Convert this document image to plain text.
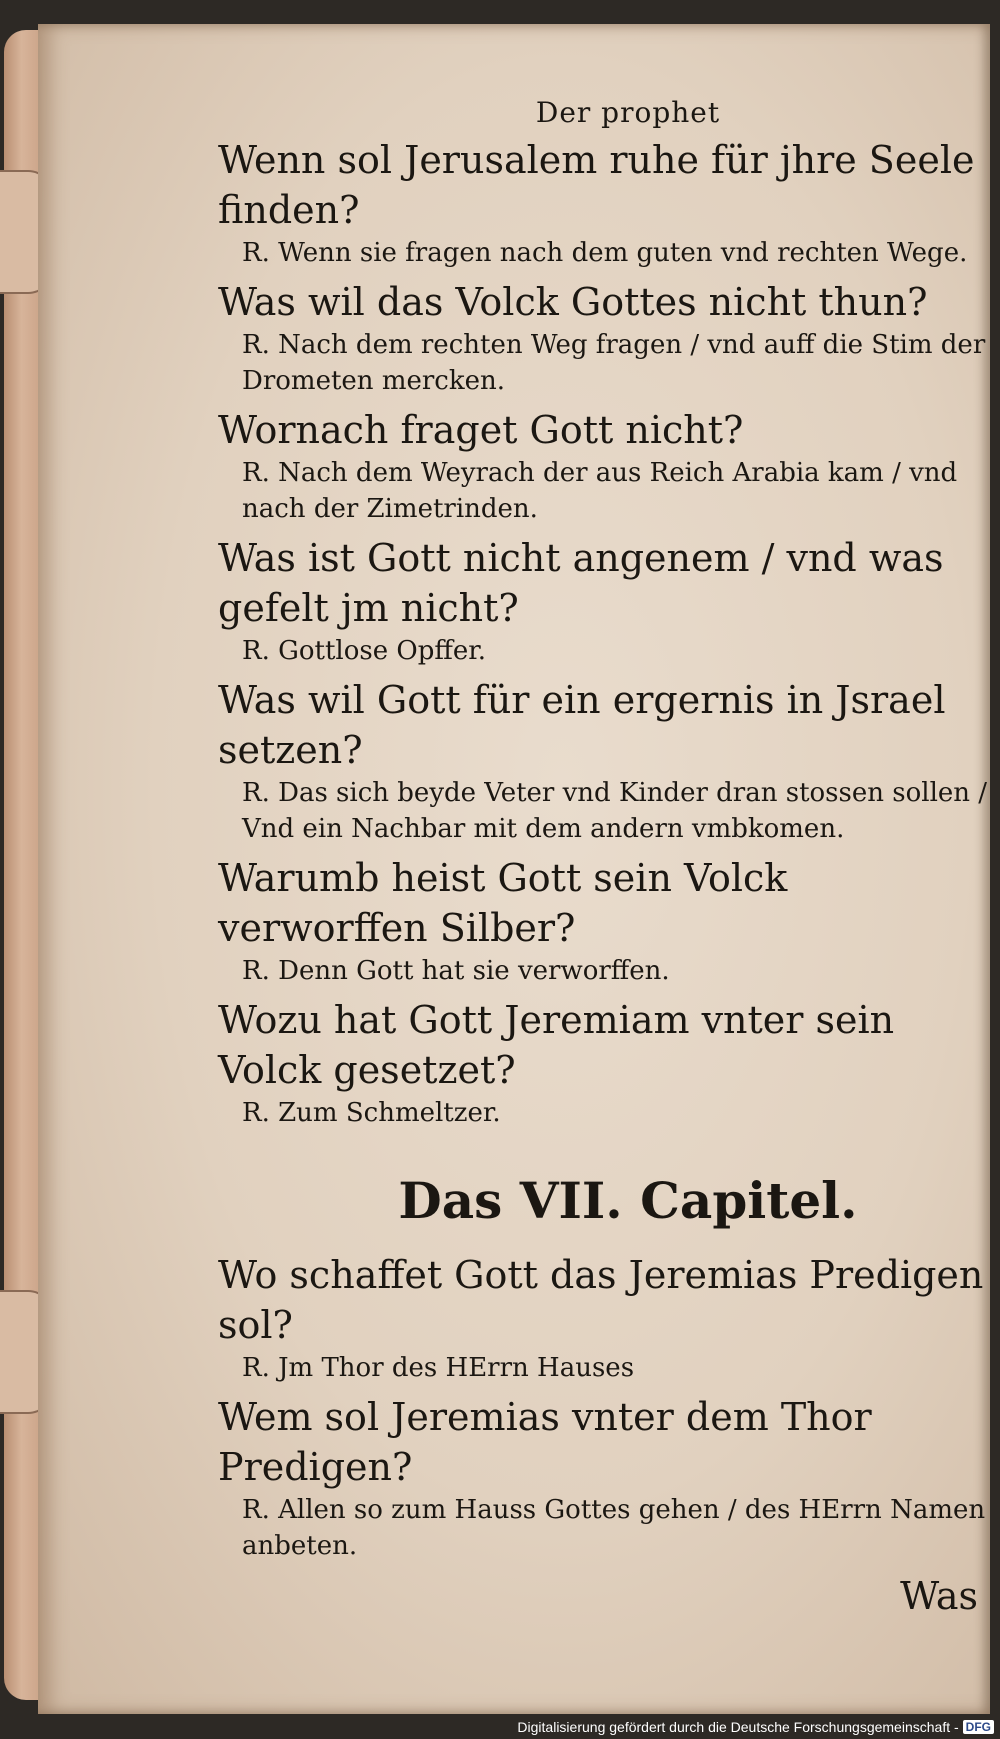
Der prophet
Wenn sol Jerusalem ruhe für jhre Seele finden?
R. Wenn sie fragen nach dem guten vnd rechten Wege.
Was wil das Volck Gottes nicht thun?
R. Nach dem rechten Weg fragen / vnd auff die Stim der Drometen mercken.
Wornach fraget Gott nicht?
R. Nach dem Weyrach der aus Reich Arabia kam / vnd nach der Zimetrinden.
Was ist Gott nicht angenem / vnd was gefelt jm nicht?
R. Gottlose Opffer.
Was wil Gott für ein ergernis in Jsrael setzen?
R. Das sich beyde Veter vnd Kinder dran stossen sollen / Vnd ein Nachbar mit dem andern vmbkomen.
Warumb heist Gott sein Volck verworffen Silber?
R. Denn Gott hat sie verworffen.
Wozu hat Gott Jeremiam vnter sein Volck gesetzet?
R. Zum Schmeltzer.
Das VII. Capitel.
Wo schaffet Gott das Jeremias Predigen sol?
R. Jm Thor des HErrn Hauses
Wem sol Jeremias vnter dem Thor Predigen?
R. Allen so zum Hauss Gottes gehen / des HErrn Namen anbeten.
Was
Digitalisierung gefördert durch die Deutsche Forschungsgemeinschaft - DFG
